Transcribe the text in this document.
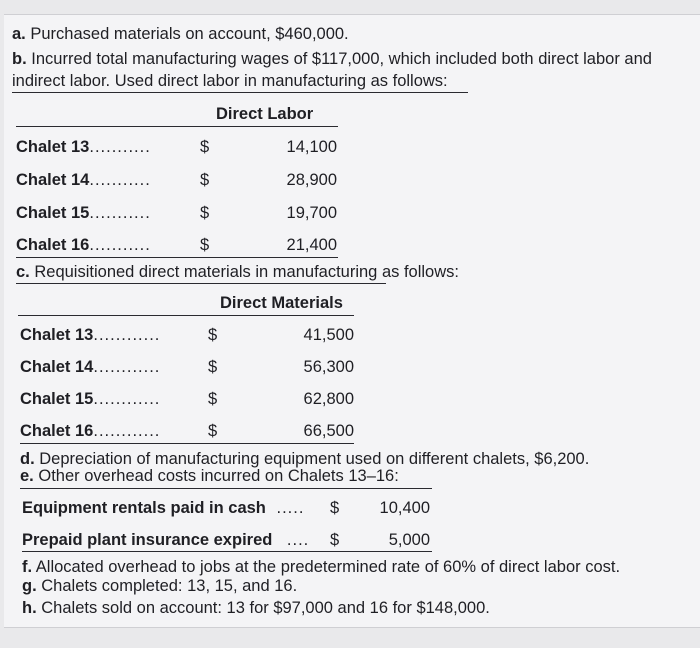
a. Purchased materials on account, $460,000.
b. Incurred total manufacturing wages of $117,000, which included both direct labor and
indirect labor. Used direct labor in manufacturing as follows:
Direct Labor
Chalet 13...........	$	14,100
Chalet 14...........	$	28,900
Chalet 15...........	$	19,700
Chalet 16...........	$	21,400
c. Requisitioned direct materials in manufacturing as follows:
Direct Materials
Chalet 13............	$	41,500
Chalet 14............	$	56,300
Chalet 15............	$	62,800
Chalet 16............	$	66,500
d. Depreciation of manufacturing equipment used on different chalets, $6,200.
e. Other overhead costs incurred on Chalets 13–16:
Equipment rentals paid in cash ..... $	10,400
Prepaid plant insurance expired .... $	5,000
f. Allocated overhead to jobs at the predetermined rate of 60% of direct labor cost.
g. Chalets completed: 13, 15, and 16.
h. Chalets sold on account: 13 for $97,000 and 16 for $148,000.
